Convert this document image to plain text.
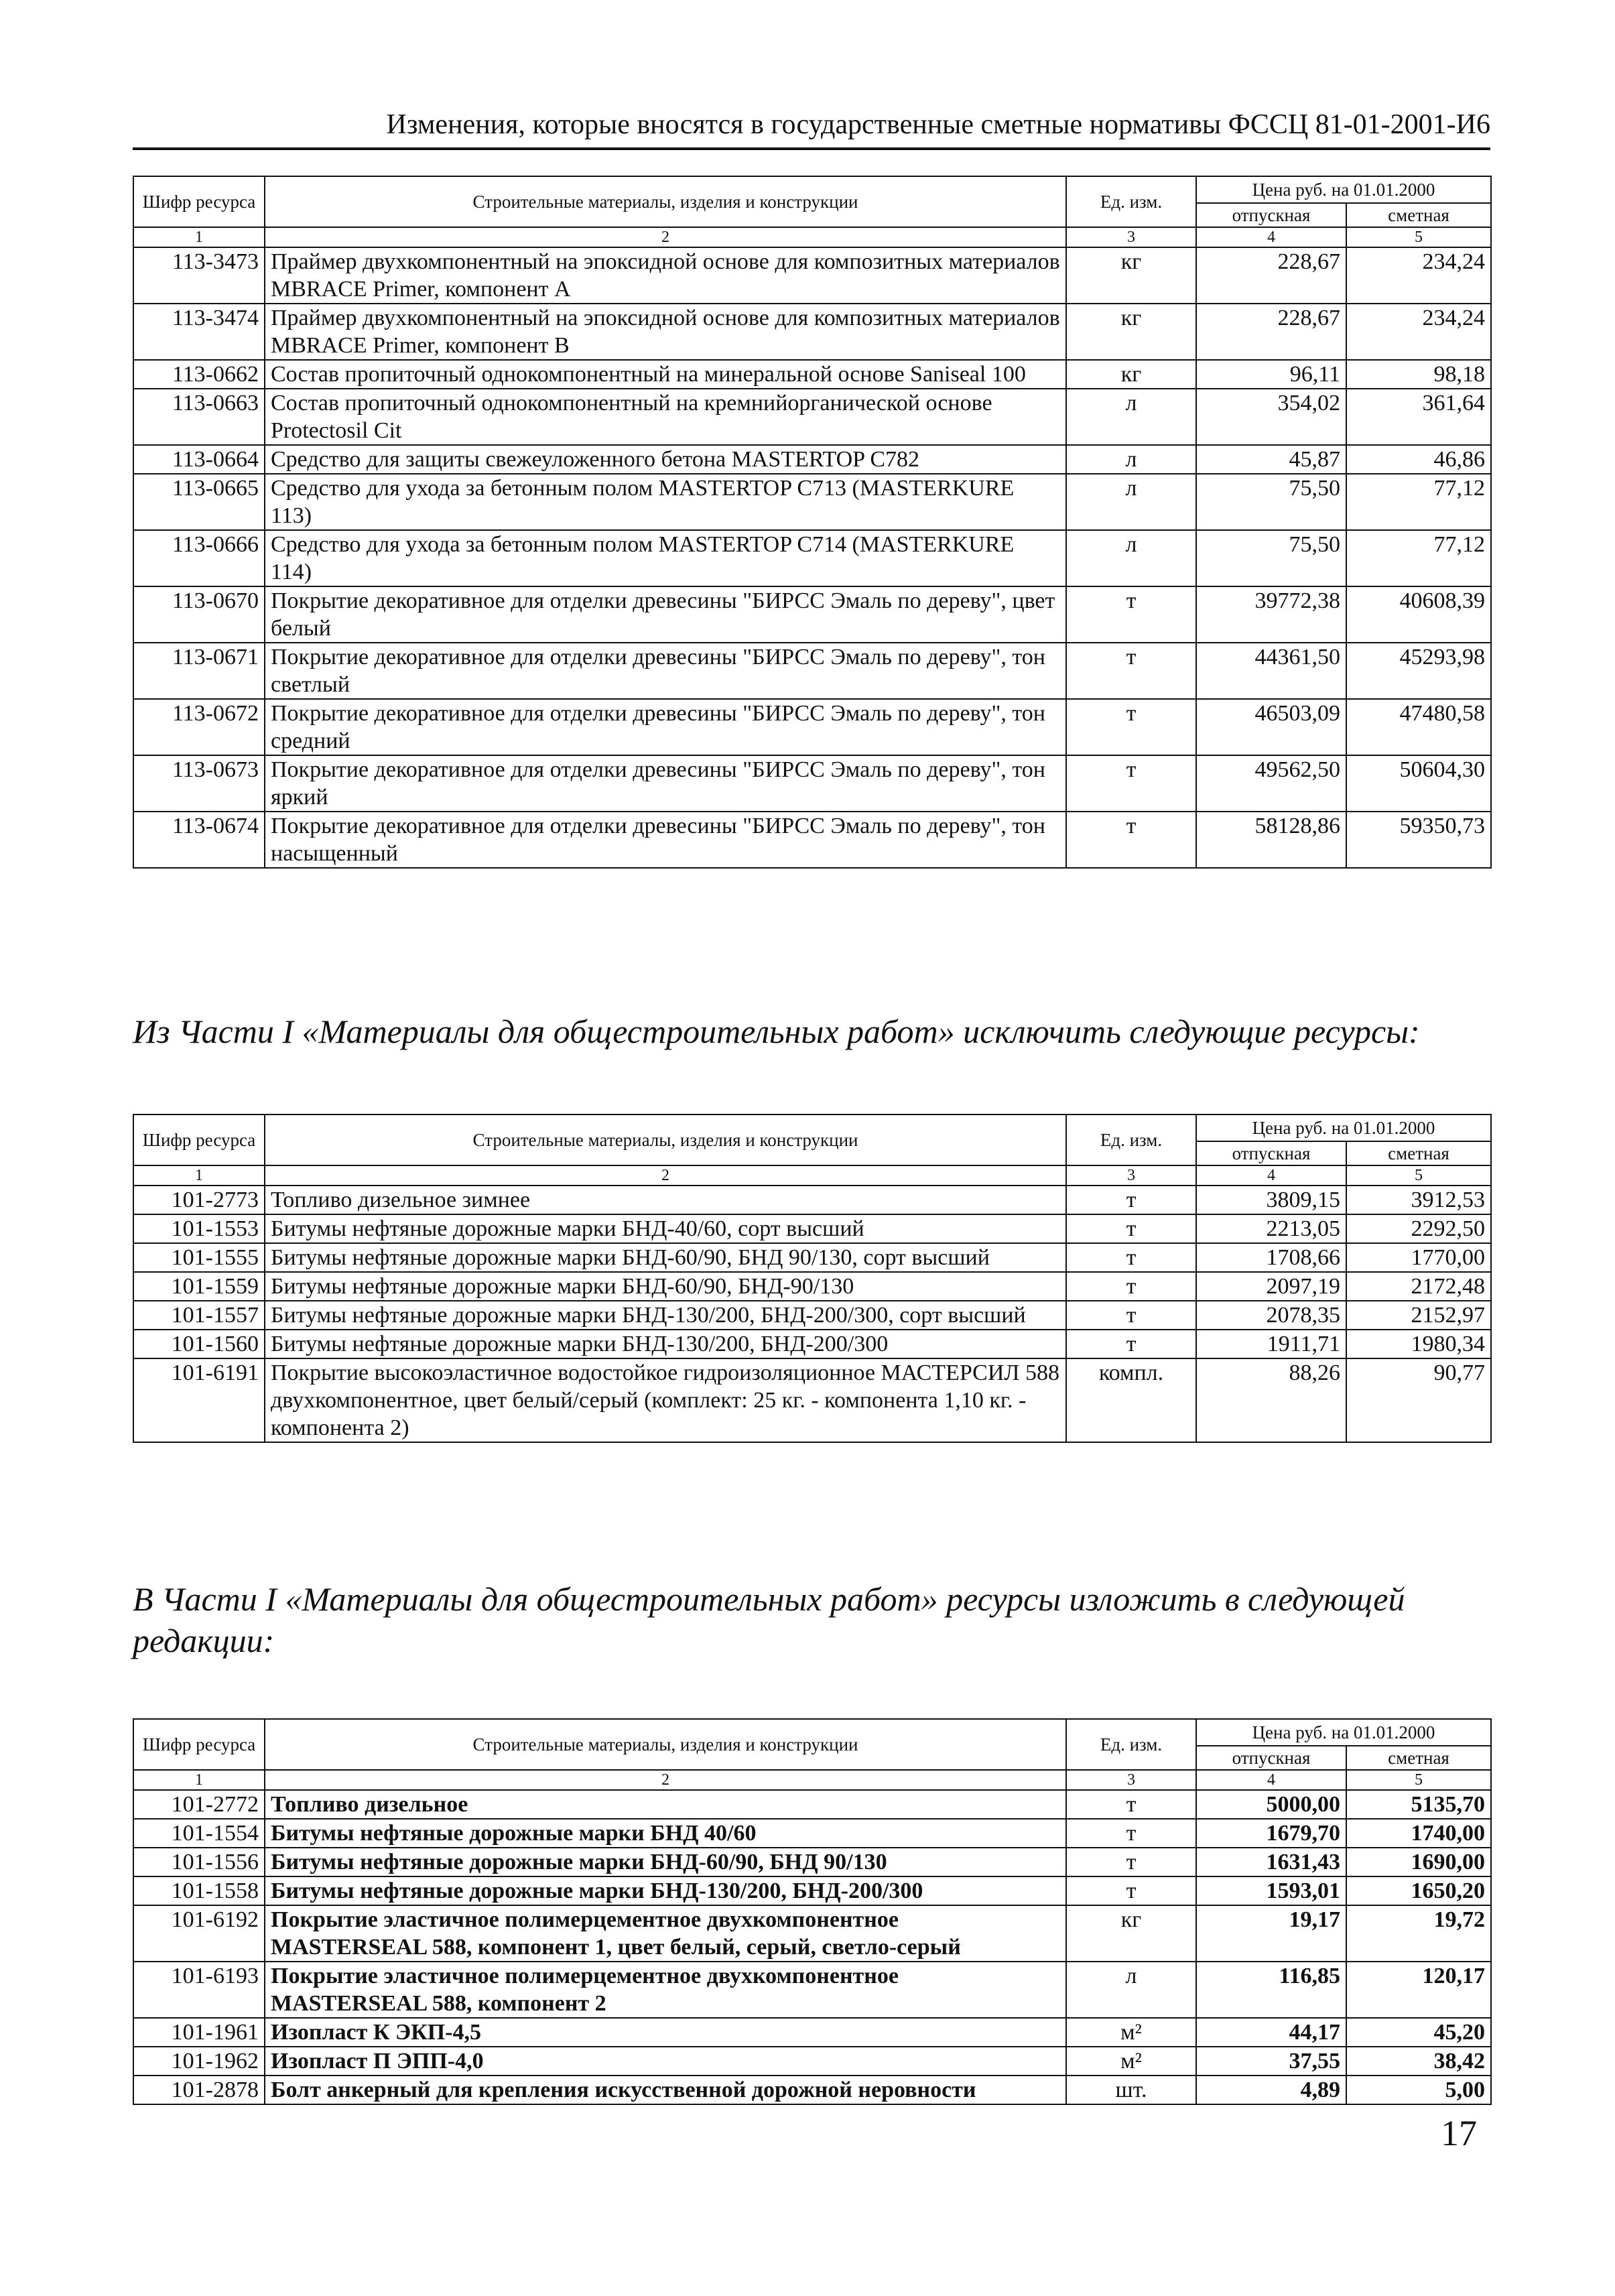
Изменения, которые вносятся в государственные сметные нормативы ФССЦ 81-01-2001-И6
Шифр ресурса	Строительные материалы, изделия и конструкции	Ед. изм.	Цена руб. на 01.01.2000	
			отпускная	сметная
1	2	3	4	5
113-3473	Праймер двухкомпонентный на эпоксидной основе для композитных материалов MBRACE Primer, компонент A	кг	228,67	234,24
113-3474	Праймер двухкомпонентный на эпоксидной основе для композитных материалов MBRACE Primer, компонент B	кг	228,67	234,24
113-0662	Состав пропиточный однокомпонентный на минеральной основе Saniseal 100	кг	96,11	98,18
113-0663	Состав пропиточный однокомпонентный на кремнийорганической основе Protectosil Cit	л	354,02	361,64
113-0664	Средство для защиты свежеуложенного бетона MASTERTOP C782	л	45,87	46,86
113-0665	Средство для ухода за бетонным полом MASTERTOP C713 (MASTERKURE 113)	л	75,50	77,12
113-0666	Средство для ухода за бетонным полом MASTERTOP C714 (MASTERKURE 114)	л	75,50	77,12
113-0670	Покрытие декоративное для отделки древесины "БИРСС Эмаль по дереву", цвет белый	т	39772,38	40608,39
113-0671	Покрытие декоративное для отделки древесины "БИРСС Эмаль по дереву", тон светлый	т	44361,50	45293,98
113-0672	Покрытие декоративное для отделки древесины "БИРСС Эмаль по дереву", тон средний	т	46503,09	47480,58
113-0673	Покрытие декоративное для отделки древесины "БИРСС Эмаль по дереву", тон яркий	т	49562,50	50604,30
113-0674	Покрытие декоративное для отделки древесины "БИРСС Эмаль по дереву", тон насыщенный	т	58128,86	59350,73
Из Части I «Материалы для общестроительных работ» исключить следующие ресурсы:
Шифр ресурса	Строительные материалы, изделия и конструкции	Ед. изм.	Цена руб. на 01.01.2000	
			отпускная	сметная
1	2	3	4	5
101-2773	Топливо дизельное зимнее	т	3809,15	3912,53
101-1553	Битумы нефтяные дорожные марки БНД-40/60, сорт высший	т	2213,05	2292,50
101-1555	Битумы нефтяные дорожные марки БНД-60/90, БНД 90/130, сорт высший	т	1708,66	1770,00
101-1559	Битумы нефтяные дорожные марки БНД-60/90, БНД-90/130	т	2097,19	2172,48
101-1557	Битумы нефтяные дорожные марки БНД-130/200, БНД-200/300, сорт высший	т	2078,35	2152,97
101-1560	Битумы нефтяные дорожные марки БНД-130/200, БНД-200/300	т	1911,71	1980,34
101-6191	Покрытие высокоэластичное водостойкое гидроизоляционное МАСТЕРСИЛ 588 двухкомпонентное, цвет белый/серый (комплект: 25 кг. - компонента 1,10 кг. - компонента 2)	компл.	88,26	90,77
В Части I «Материалы для общестроительных работ» ресурсы изложить в следующей редакции:
Шифр ресурса	Строительные материалы, изделия и конструкции	Ед. изм.	Цена руб. на 01.01.2000	
			отпускная	сметная
1	2	3	4	5
101-2772	Топливо дизельное	т	5000,00	5135,70
101-1554	Битумы нефтяные дорожные марки БНД 40/60	т	1679,70	1740,00
101-1556	Битумы нефтяные дорожные марки БНД-60/90, БНД 90/130	т	1631,43	1690,00
101-1558	Битумы нефтяные дорожные марки БНД-130/200, БНД-200/300	т	1593,01	1650,20
101-6192	Покрытие эластичное полимерцементное двухкомпонентное MASTERSEAL 588, компонент 1, цвет белый, серый, светло-серый	кг	19,17	19,72
101-6193	Покрытие эластичное полимерцементное двухкомпонентное MASTERSEAL 588, компонент 2	л	116,85	120,17
101-1961	Изопласт К ЭКП-4,5	м²	44,17	45,20
101-1962	Изопласт П ЭПП-4,0	м²	37,55	38,42
101-2878	Болт анкерный для крепления искусственной дорожной неровности	шт.	4,89	5,00
17
